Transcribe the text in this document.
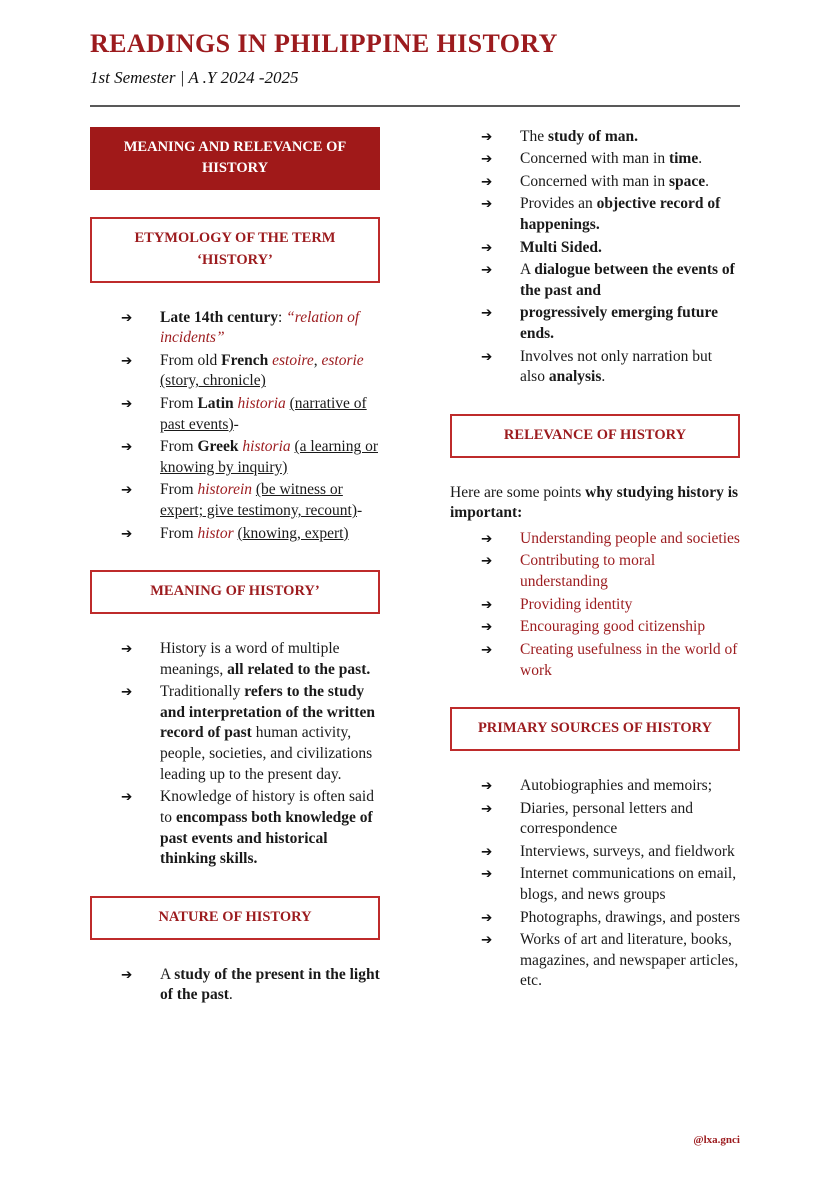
READINGS IN PHILIPPINE HISTORY
1st Semester | A .Y 2024 -2025
MEANING AND RELEVANCE OF HISTORY
ETYMOLOGY OF THE TERM ‘HISTORY’
➔	Late 14th century: “relation of incidents”
➔	From old French estoire, estorie (story, chronicle)
➔	From Latin historia (narrative of past events)-
➔	From Greek historia (a learning or knowing by inquiry)
➔	From historein (be witness or expert; give testimony, recount)-
➔	From histor (knowing, expert)
MEANING OF HISTORY’
➔	History is a word of multiple meanings, all related to the past.
➔	Traditionally refers to the study and interpretation of the written record of past human activity, people, societies, and civilizations leading up to the present day.
➔	Knowledge of history is often said to encompass both knowledge of past events and historical thinking skills.
NATURE OF HISTORY
➔	A study of the present in the light of the past.
➔	The study of man.
➔	Concerned with man in time.
➔	Concerned with man in space.
➔	Provides an objective record of happenings.
➔	Multi Sided.
➔	A dialogue between the events of the past and
➔	progressively emerging future ends.
➔	Involves not only narration but also analysis.
RELEVANCE OF HISTORY

Here are some points why studying history is important:

➔	Understanding people and societies
➔	Contributing to moral understanding
➔	Providing identity
➔	Encouraging good citizenship
➔	Creating usefulness in the world of work
PRIMARY SOURCES OF HISTORY
➔	Autobiographies and memoirs;
➔	Diaries, personal letters and correspondence
➔	Interviews, surveys, and fieldwork
➔	Internet communications on email, blogs, and news groups
➔	Photographs, drawings, and posters
➔	Works of art and literature, books, magazines, and newspaper articles, etc.
@lxa.gnci
